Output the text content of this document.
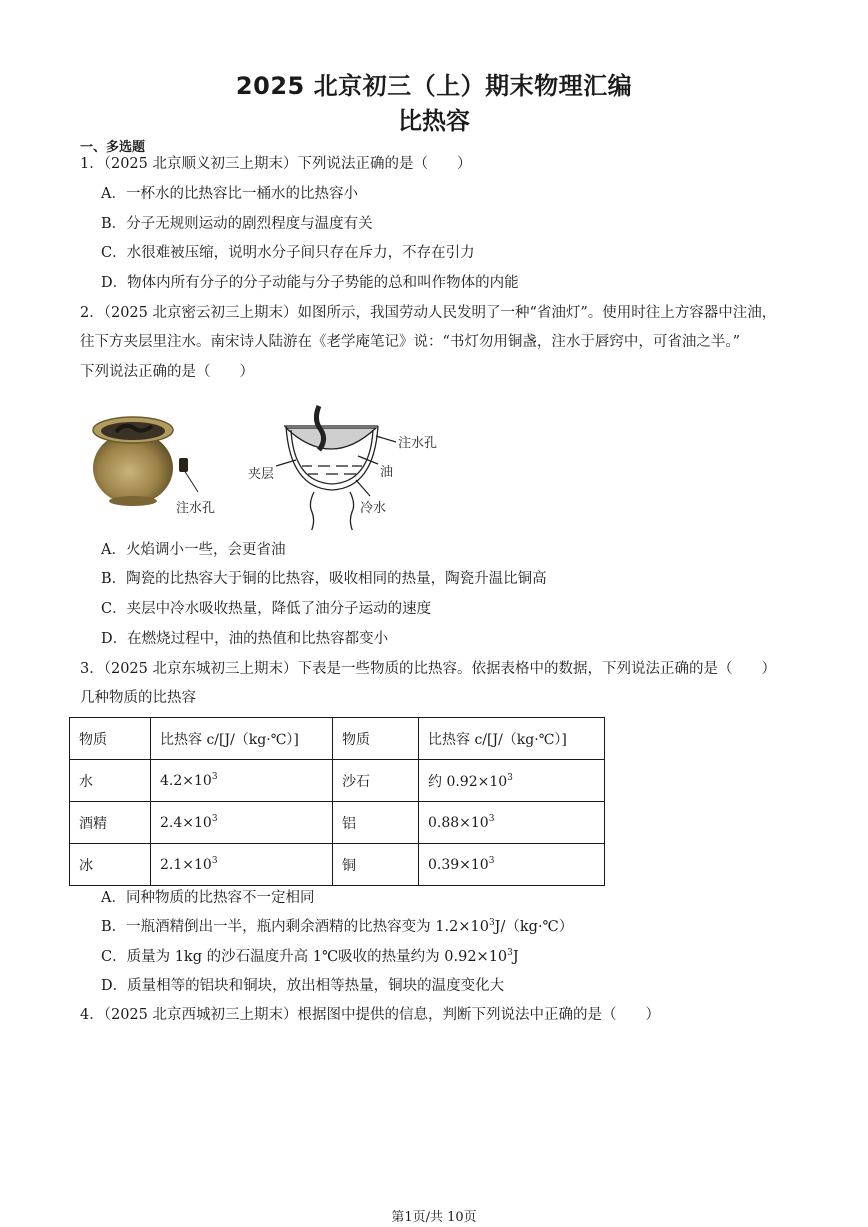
2025 北京初三（上）期末物理汇编
比热容
一、多选题
1．（2025 北京顺义初三上期末）下列说法正确的是（　　）
A．一杯水的比热容比一桶水的比热容小
B．分子无规则运动的剧烈程度与温度有关
C．水很难被压缩，说明水分子间只存在斥力，不存在引力
D．物体内所有分子的分子动能与分子势能的总和叫作物体的内能
2．（2025 北京密云初三上期末）如图所示，我国劳动人民发明了一种“省油灯”。使用时往上方容器中注油，
往下方夹层里注水。南宋诗人陆游在《老学庵笔记》说：“书灯勿用铜盏，注水于唇窍中，可省油之半。”
下列说法正确的是（　　）
注水孔
注水孔
夹层	油
冷水
A．火焰调小一些，会更省油
B．陶瓷的比热容大于铜的比热容，吸收相同的热量，陶瓷升温比铜高
C．夹层中冷水吸收热量，降低了油分子运动的速度
D．在燃烧过程中，油的热值和比热容都变小
3．（2025 北京东城初三上期末）下表是一些物质的比热容。依据表格中的数据，下列说法正确的是（　　）
几种物质的比热容
物质	比热容 c/[J/（kg·℃）]	物质	比热容 c/[J/（kg·℃）]
水	$4.2\times 10^3$	沙石	约 $0.92\times 10^3$
酒精	$2.4\times 10^3$	铝	$0.88\times 10^3$
冰	$2.1\times 10^3$	铜	$0.39\times 10^3$
A．同种物质的比热容不一定相同
B．一瓶酒精倒出一半，瓶内剩余酒精的比热容变为 $1.2\times 10^3J/(kg\cdot℃)$
C．质量为 1kg 的沙石温度升高 1℃吸收的热量约为 $0.92\times 10^3J$
D．质量相等的铝块和铜块，放出相等热量，铜块的温度变化大
4．（2025 北京西城初三上期末）根据图中提供的信息，判断下列说法中正确的是（　　）
第1页/共 10页
